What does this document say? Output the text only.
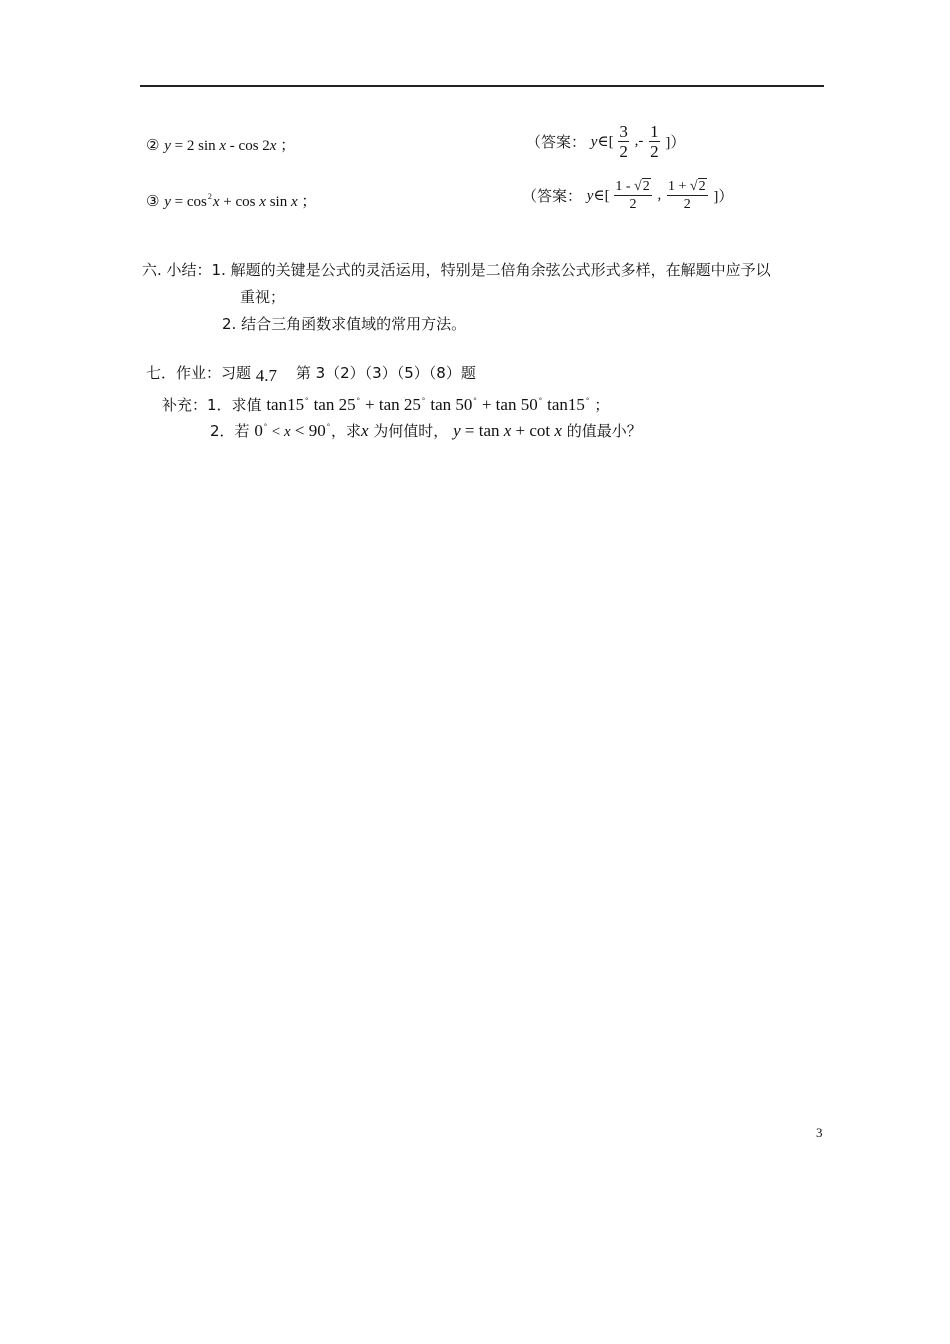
② y = 2 sin x - cos 2x ；	（答案： y∈[ $\frac{3}{2}$ ,- $\frac{1}{2}$ ]）
③ $y = \cos^2x + \cos x$ sin x ；	（答案： y∈[ $\frac{1 - √2}{2}$ , $\frac{1 + √2}{2}$ ]）
六. 小结：1. 解题的关键是公式的灵活运用，特别是二倍角余弦公式形式多样，在解题中应予以
重视；
2. 结合三角函数求值域的常用方法。
七．作业：习题 4.7 第 3（2）（3）（5）（8）题
补充：1．求值 tan15° tan 25° + tan 25° tan 50° + tan 50° tan15° ；
2．若 0° < x < 90°，求x 为何值时， y = tan x + cot x 的值最小？
3
